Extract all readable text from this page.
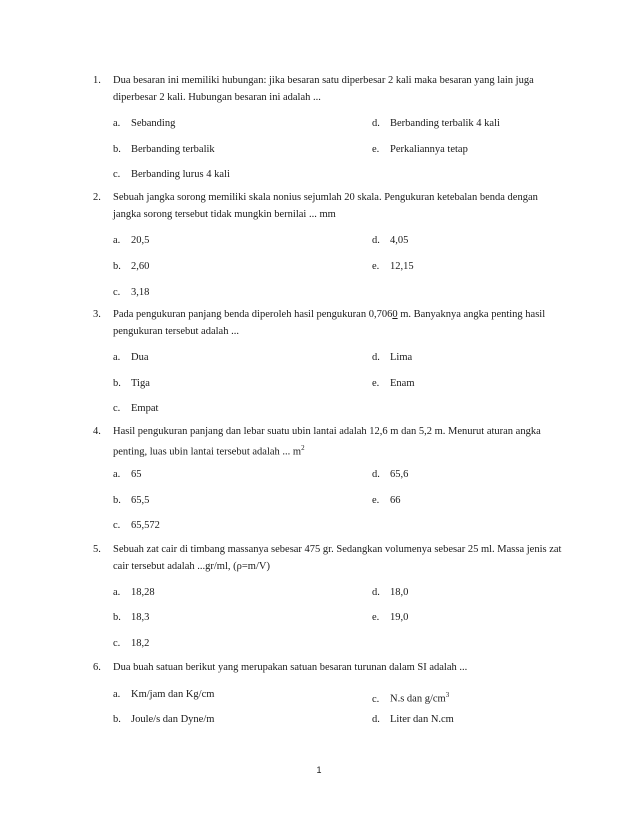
1.	Dua besaran ini memiliki hubungan: jika besaran satu diperbesar 2 kali maka besaran yang lain juga diperbesar 2 kali. Hubungan besaran ini adalah ...
a. Sebanding	d. Berbanding terbalik 4 kali
b. Berbanding terbalik	e. Perkaliannya tetap
c. Berbanding lurus 4 kali
2.	Sebuah jangka sorong memiliki skala nonius sejumlah 20 skala. Pengukuran ketebalan benda dengan jangka sorong tersebut tidak mungkin bernilai ... mm
a. 20,5	d. 4,05
b. 2,60	e. 12,15
c. 3,18
3.	Pada pengukuran panjang benda diperoleh hasil pengukuran 0,7060 m. Banyaknya angka penting hasil pengukuran tersebut adalah ...
a. Dua	d. Lima
b. Tiga	e. Enam
c. Empat
4.	Hasil pengukuran panjang dan lebar suatu ubin lantai adalah 12,6 m dan 5,2 m. Menurut aturan angka penting, luas ubin lantai tersebut adalah ... $m^2$
a. 65	d. 65,6
b. 65,5	e. 66
c. 65,572
5.	Sebuah zat cair di timbang massanya sebesar 475 gr. Sedangkan volumenya sebesar 25 ml. Massa jenis zat cair tersebut adalah ...gr/ml, (ρ=m/V)
a. 18,28	d. 18,0
b. 18,3	e. 19,0
c. 18,2
6.	Dua buah satuan berikut yang merupakan satuan besaran turunan dalam SI adalah ...
a. Km/jam dan Kg/cm	c. N.s dan $g/cm^3$
b. Joule/s dan Dyne/m	d. Liter dan N.cm
1
